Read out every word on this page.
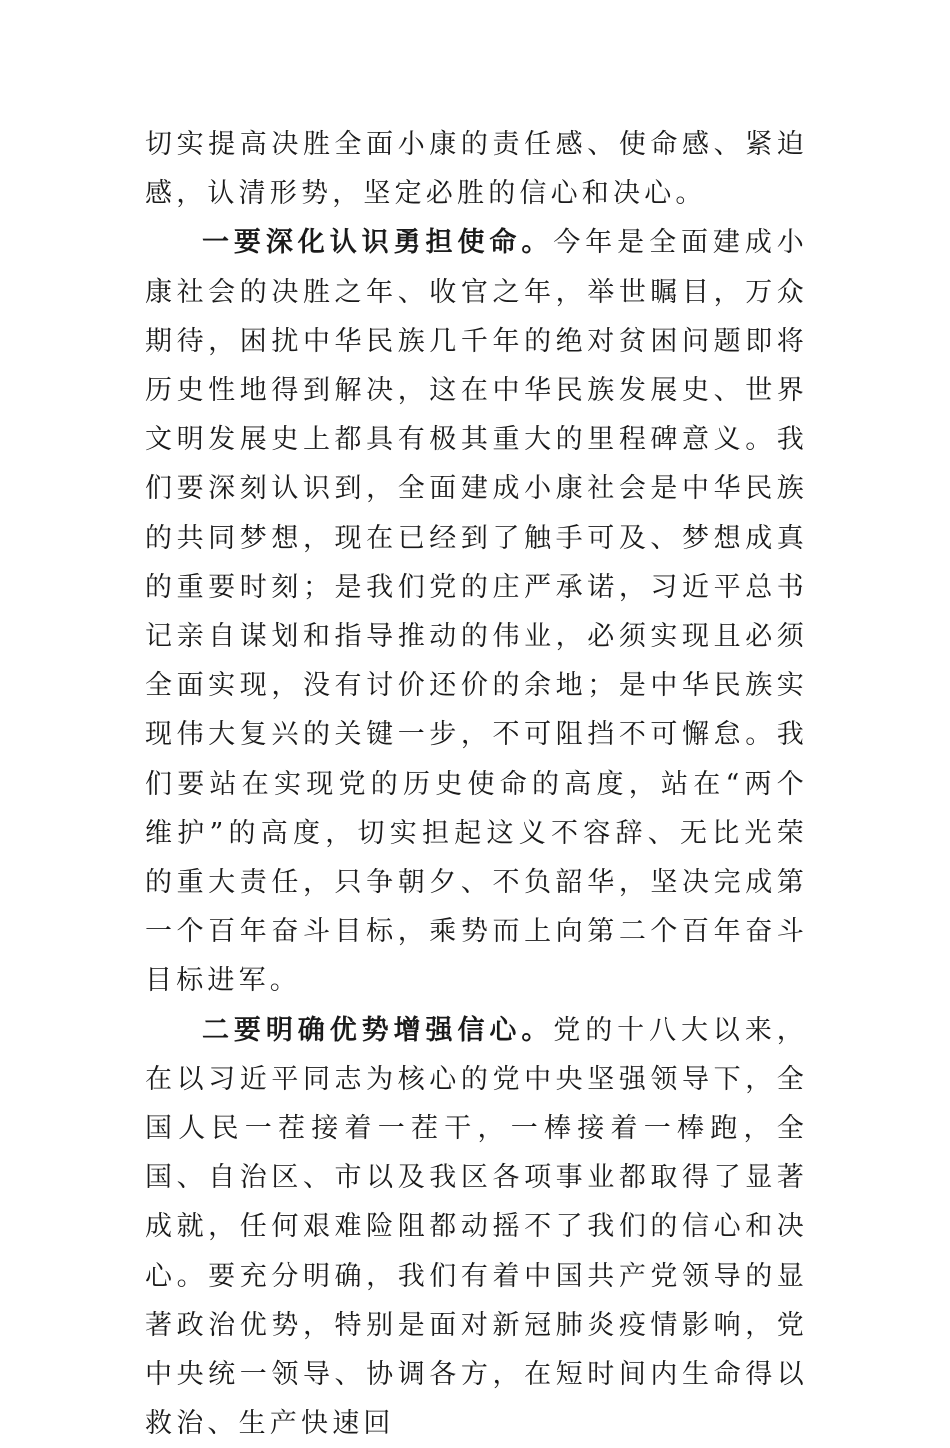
切实提高决胜全面小康的责任感、使命感、紧迫感，认清形势，坚定必胜的信心和决心。

一要深化认识勇担使命。今年是全面建成小康社会的决胜之年、收官之年，举世瞩目，万众期待，困扰中华民族几千年的绝对贫困问题即将历史性地得到解决，这在中华民族发展史、世界文明发展史上都具有极其重大的里程碑意义。我们要深刻认识到，全面建成小康社会是中华民族的共同梦想，现在已经到了触手可及、梦想成真的重要时刻；是我们党的庄严承诺，习近平总书记亲自谋划和指导推动的伟业，必须实现且必须全面实现，没有讨价还价的余地；是中华民族实现伟大复兴的关键一步，不可阻挡不可懈怠。我们要站在实现党的历史使命的高度，站在“两个维护”的高度，切实担起这义不容辞、无比光荣的重大责任，只争朝夕、不负韶华，坚决完成第一个百年奋斗目标，乘势而上向第二个百年奋斗目标进军。

二要明确优势增强信心。党的十八大以来，在以习近平同志为核心的党中央坚强领导下，全国人民一茬接着一茬干，一棒接着一棒跑，全国、自治区、市以及我区各项事业都取得了显著成就，任何艰难险阻都动摇不了我们的信心和决心。要充分明确，我们有着中国共产党领导的显著政治优势，特别是面对新冠肺炎疫情影响，党中央统一领导、协调各方，在短时间内生命得以救治、生产快速回
